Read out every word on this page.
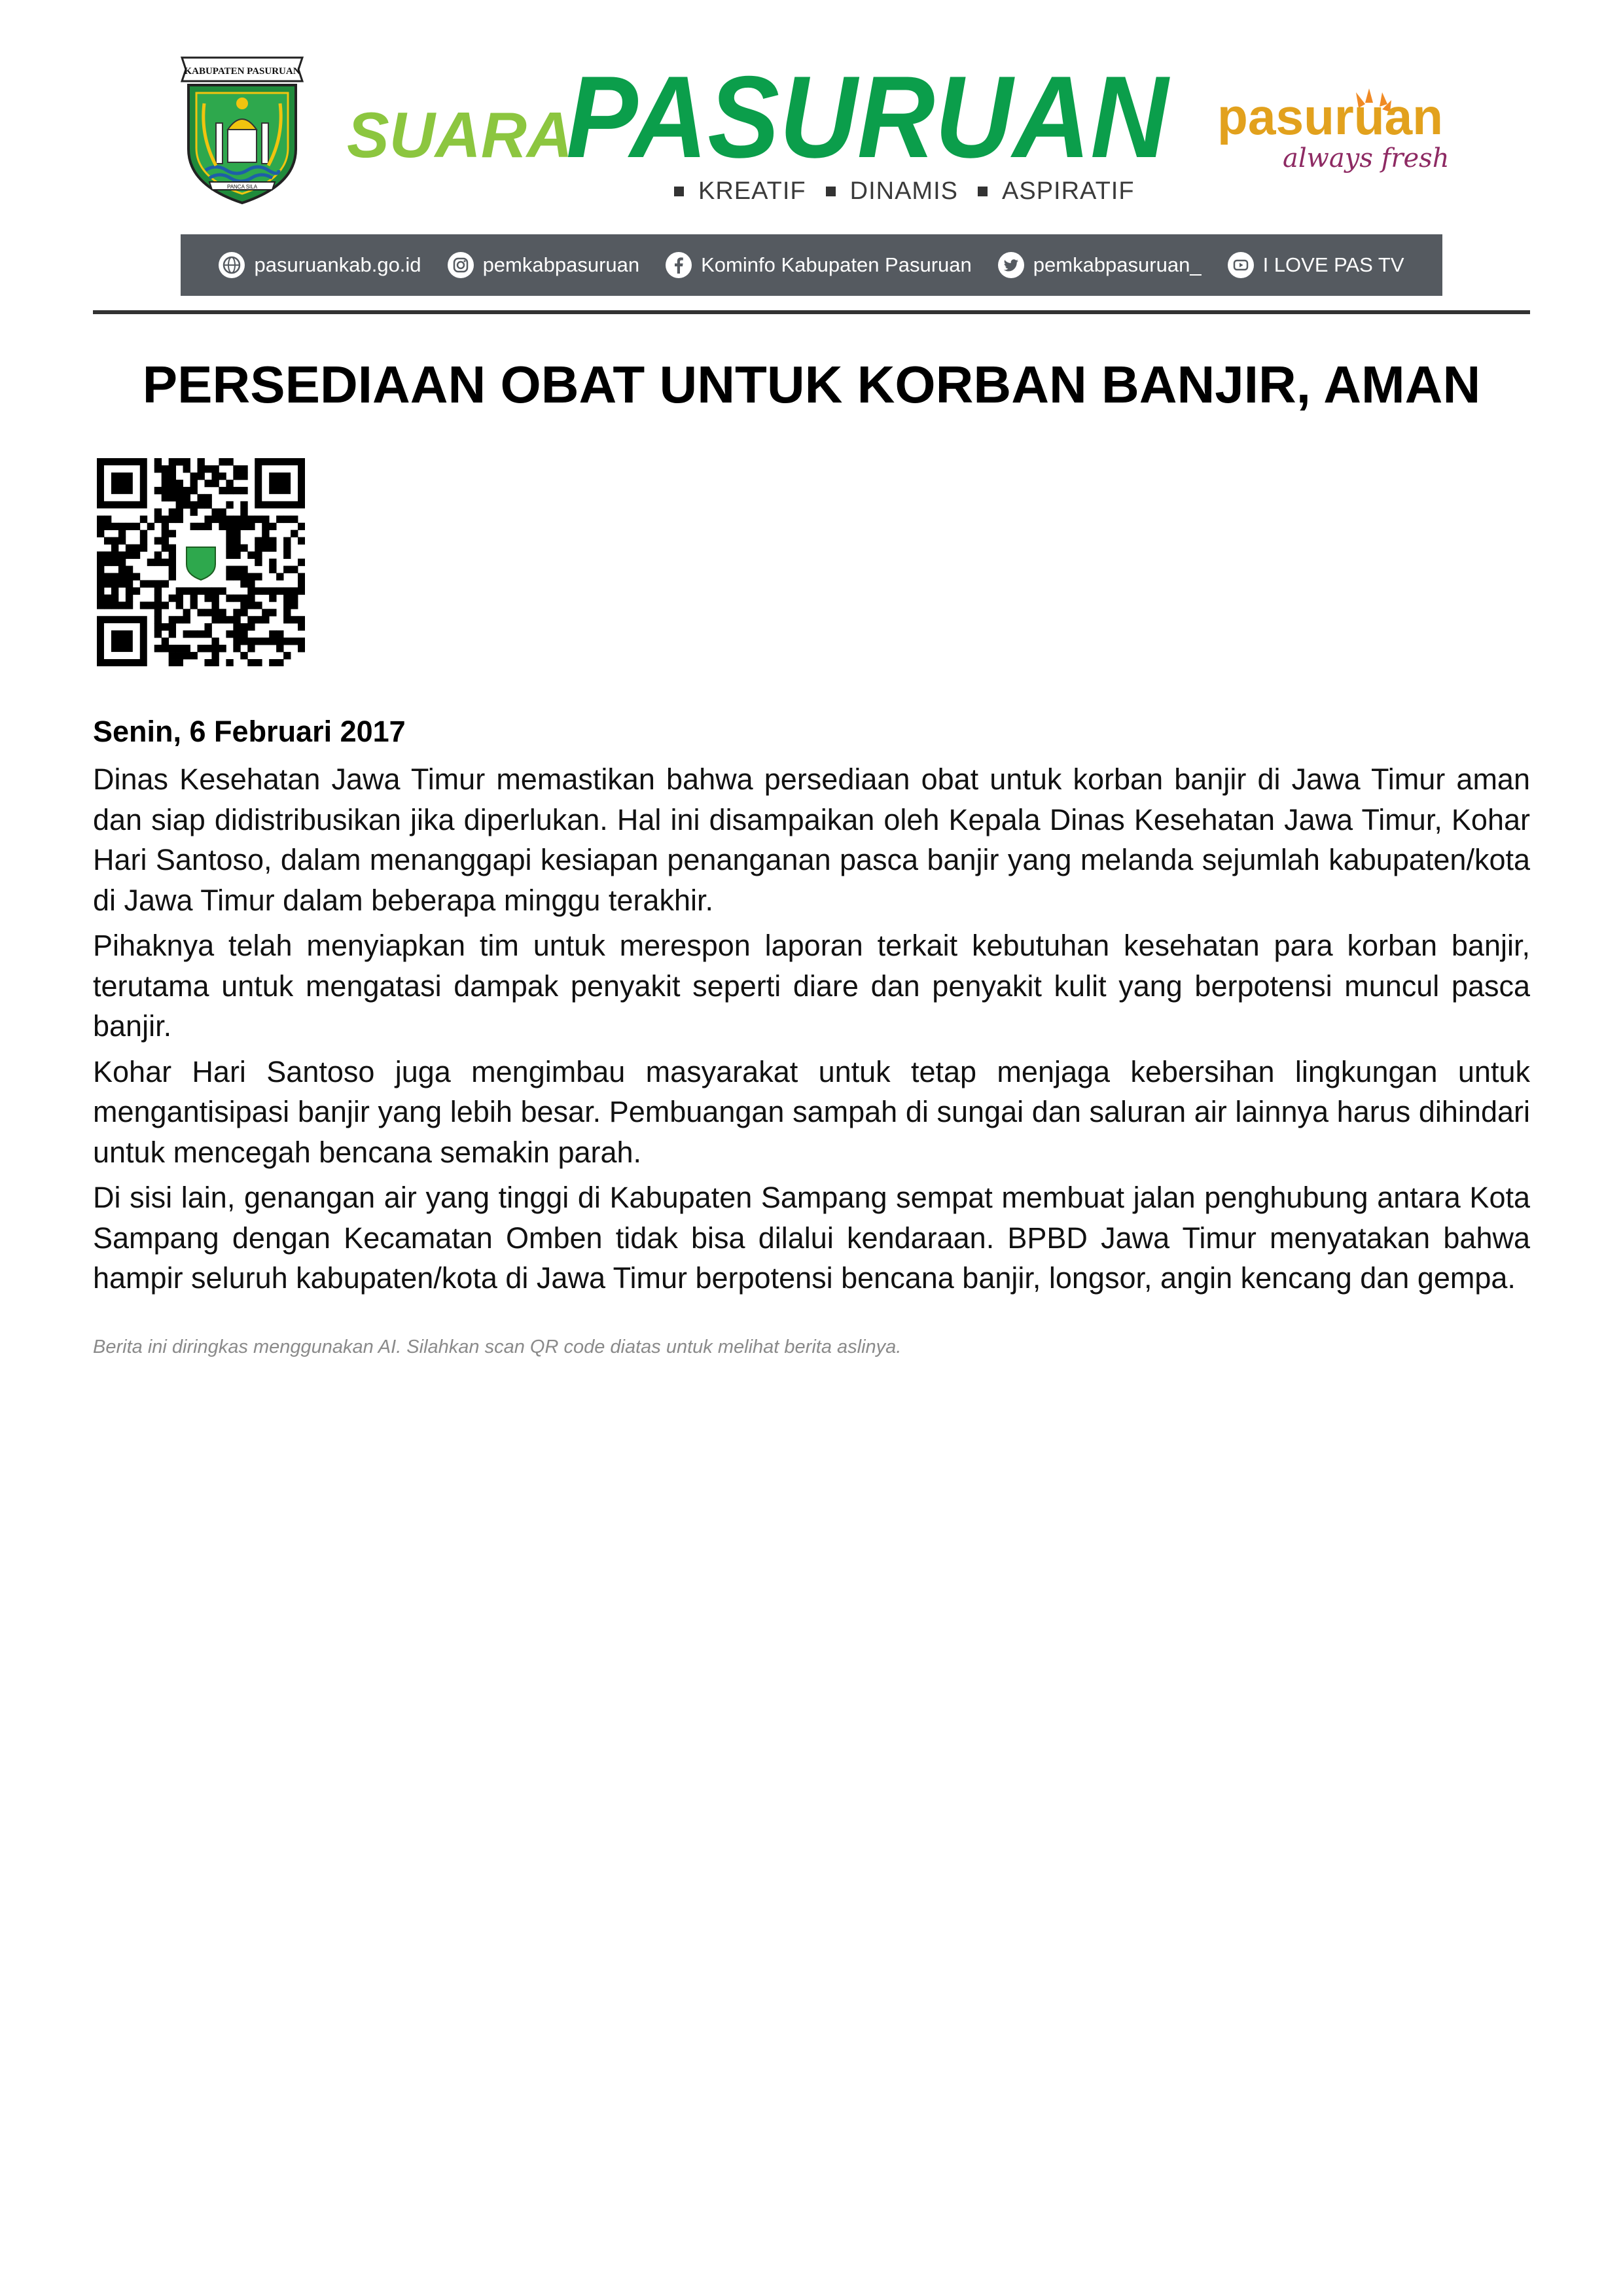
KABUPATEN PASURUAN
PANCA SILA
SUARA
PASURUAN
KREATIF DINAMIS ASPIRATIF
pasuruan
always fresh
pasuruankab.go.id	pemkabpasuruan	Kominfo Kabupaten Pasuruan	pemkabpasuruan_	I LOVE PAS TV
PERSEDIAAN OBAT UNTUK KORBAN BANJIR, AMAN

Senin, 6 Februari 2017

Dinas Kesehatan Jawa Timur memastikan bahwa persediaan obat untuk korban banjir di Jawa Timur aman dan siap didistribusikan jika diperlukan. Hal ini disampaikan oleh Kepala Dinas Kesehatan Jawa Timur, Kohar Hari Santoso, dalam menanggapi kesiapan penanganan pasca banjir yang melanda sejumlah kabupaten/kota di Jawa Timur dalam beberapa minggu terakhir.

Pihaknya telah menyiapkan tim untuk merespon laporan terkait kebutuhan kesehatan para korban banjir, terutama untuk mengatasi dampak penyakit seperti diare dan penyakit kulit yang berpotensi muncul pasca banjir.

Kohar Hari Santoso juga mengimbau masyarakat untuk tetap menjaga kebersihan lingkungan untuk mengantisipasi banjir yang lebih besar. Pembuangan sampah di sungai dan saluran air lainnya harus dihindari untuk mencegah bencana semakin parah.

Di sisi lain, genangan air yang tinggi di Kabupaten Sampang sempat membuat jalan penghubung antara Kota Sampang dengan Kecamatan Omben tidak bisa dilalui kendaraan. BPBD Jawa Timur menyatakan bahwa hampir seluruh kabupaten/kota di Jawa Timur berpotensi bencana banjir, longsor, angin kencang dan gempa.

Berita ini diringkas menggunakan AI. Silahkan scan QR code diatas untuk melihat berita aslinya.
